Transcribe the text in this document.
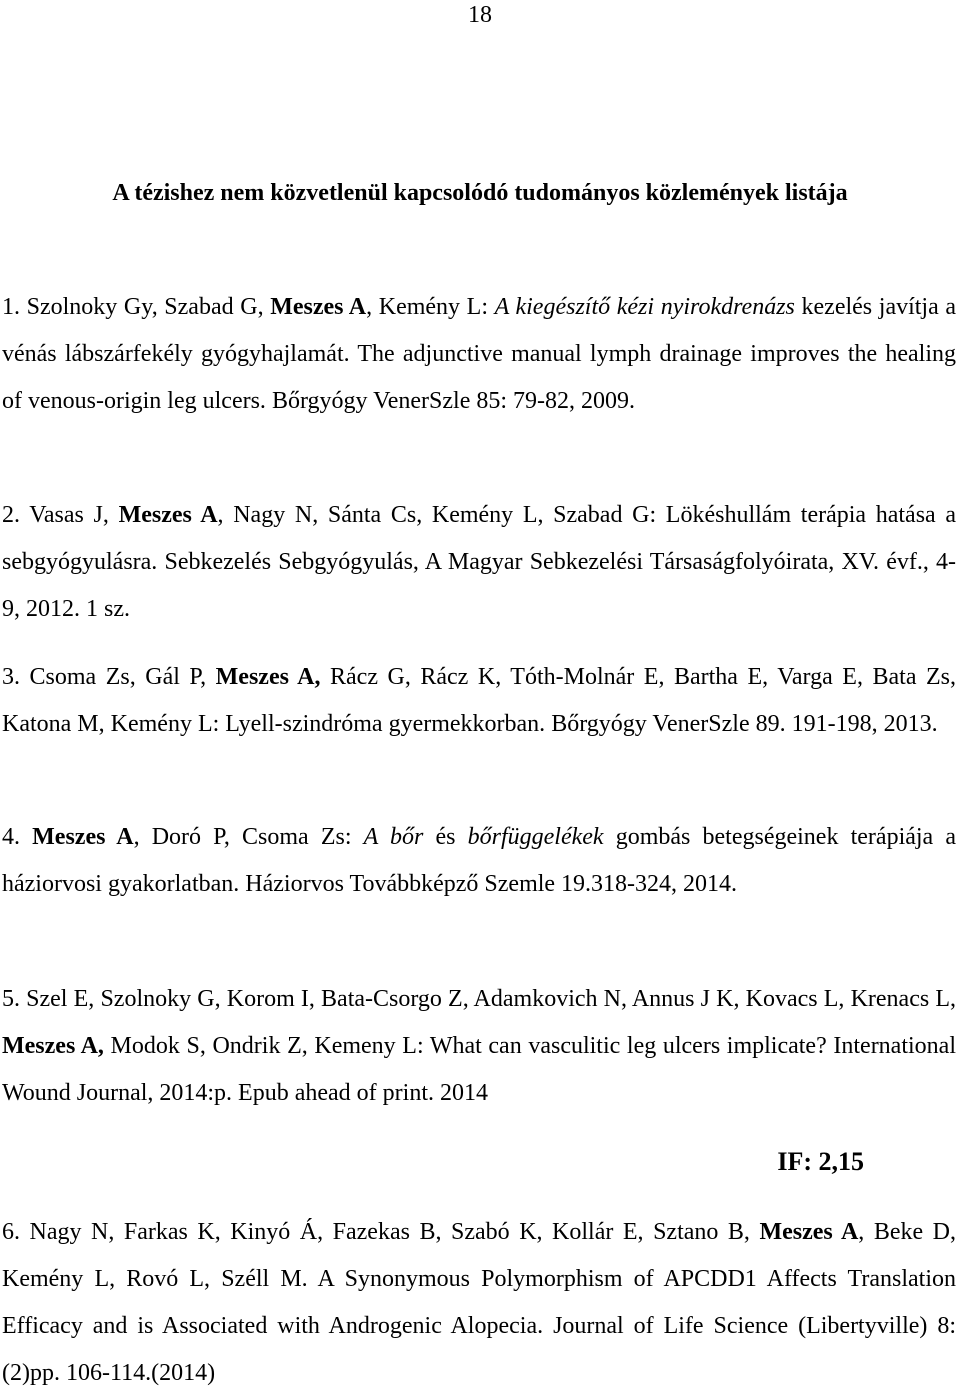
18
A tézishez nem közvetlenül kapcsolódó tudományos közlemények listája
1. Szolnoky Gy, Szabad G, Meszes A, Kemény L: A kiegészítő kézi nyirokdrenázs kezelés javítja a vénás lábszárfekély gyógyhajlamát. The adjunctive manual lymph drainage improves the healing of venous-origin leg ulcers. Bőrgyógy VenerSzle 85: 79-82, 2009.
2. Vasas J, Meszes A, Nagy N, Sánta Cs, Kemény L, Szabad G: Lökéshullám terápia hatása a sebgyógyulásra. Sebkezelés Sebgyógyulás, A Magyar Sebkezelési Társaságfolyóirata, XV. évf., 4-9, 2012. 1 sz.
3. Csoma Zs, Gál P, Meszes A, Rácz G, Rácz K, Tóth-Molnár E, Bartha E, Varga E, Bata Zs, Katona M, Kemény L: Lyell-szindróma gyermekkorban. Bőrgyógy VenerSzle 89. 191-198, 2013.
4. Meszes A, Doró P, Csoma Zs: A bőr és bőrfüggelékek gombás betegségeinek terápiája a háziorvosi gyakorlatban. Háziorvos Továbbképző Szemle 19.318-324, 2014.
5. Szel E, Szolnoky G, Korom I, Bata-Csorgo Z, Adamkovich N, Annus J K, Kovacs L, Krenacs L, Meszes A, Modok S, Ondrik Z, Kemeny L: What can vasculitic leg ulcers implicate? International Wound Journal, 2014:p. Epub ahead of print. 2014
IF: 2,15
6. Nagy N, Farkas K, Kinyó Á, Fazekas B, Szabó K, Kollár E, Sztano B, Meszes A, Beke D, Kemény L, Rovó L, Széll M. A Synonymous Polymorphism of APCDD1 Affects Translation Efficacy and is Associated with Androgenic Alopecia. Journal of Life Science (Libertyville) 8:(2)pp. 106-114.(2014)
